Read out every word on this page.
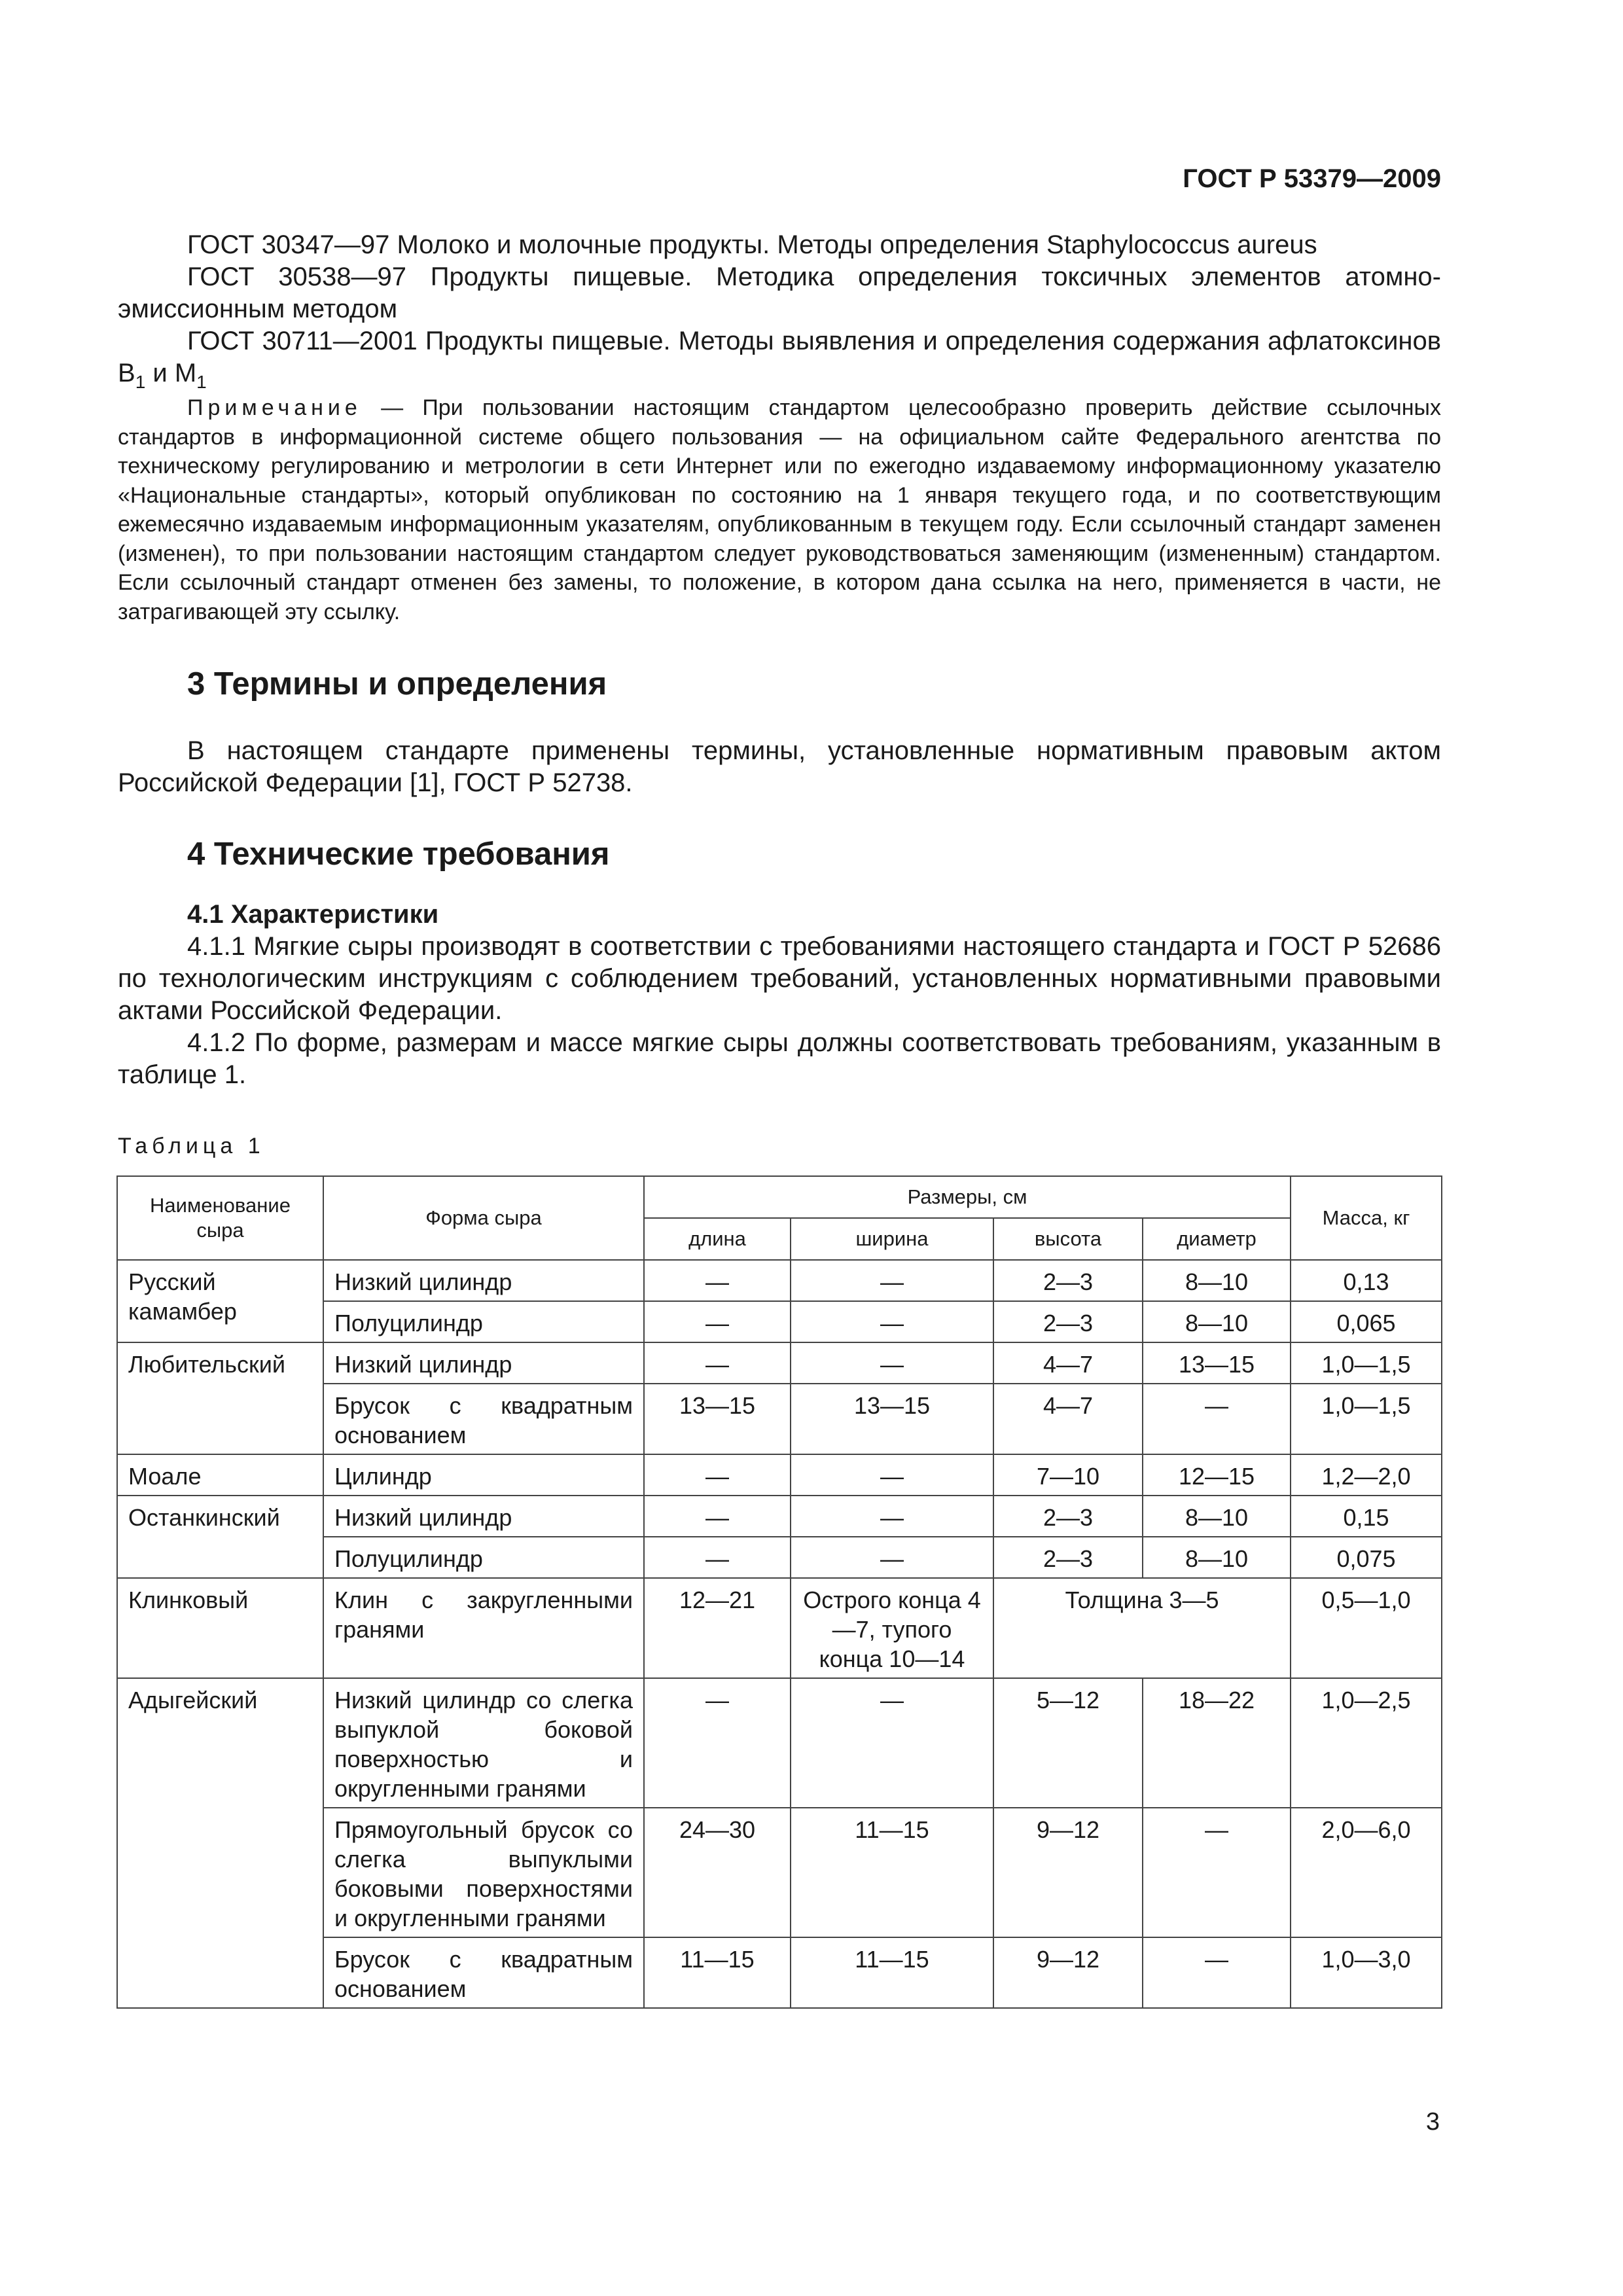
ГОСТ Р 53379—2009

ГОСТ 30347—97 Молоко и молочные продукты. Методы определения Staphylococcus aureus

ГОСТ 30538—97 Продукты пищевые. Методика определения токсичных элементов атомно-эмиссионным методом

ГОСТ 30711—2001 Продукты пищевые. Методы выявления и определения содержания афлатоксинов $B_1$ и $M_1$

Примечание — При пользовании настоящим стандартом целесообразно проверить действие ссылочных стандартов в информационной системе общего пользования — на официальном сайте Федерального агентства по техническому регулированию и метрологии в сети Интернет или по ежегодно издаваемому информационному указателю «Национальные стандарты», который опубликован по состоянию на 1 января текущего года, и по соответствующим ежемесячно издаваемым информационным указателям, опубликованным в текущем году. Если ссылочный стандарт заменен (изменен), то при пользовании настоящим стандартом следует руководствоваться заменяющим (измененным) стандартом. Если ссылочный стандарт отменен без замены, то положение, в котором дана ссылка на него, применяется в части, не затрагивающей эту ссылку.

3 Термины и определения

В настоящем стандарте применены термины, установленные нормативным правовым актом Российской Федерации [1], ГОСТ Р 52738.

4 Технические требования
4.1 Характеристики

4.1.1 Мягкие сыры производят в соответствии с требованиями настоящего стандарта и ГОСТ Р 52686 по технологическим инструкциям с соблюдением требований, установленных нормативными правовыми актами Российской Федерации.

4.1.2 По форме, размерам и массе мягкие сыры должны соответствовать требованиям, указанным в таблице 1.

Таблица 1

Наименование сыра	Форма сыра	Размеры, см				Масса, кг
		длина	ширина	высота	диаметр	
Русский камамбер	Низкий цилиндр	—	—	2—3	8—10	0,13
	Полуцилиндр	—	—	2—3	8—10	0,065
Любительский	Низкий цилиндр	—	—	4—7	13—15	1,0—1,5
	Брусок с квадратным основанием	13—15	13—15	4—7	—	1,0—1,5
Моале	Цилиндр	—	—	7—10	12—15	1,2—2,0
Останкинский	Низкий цилиндр	—	—	2—3	8—10	0,15
	Полуцилиндр	—	—	2—3	8—10	0,075
Клинковый	Клин с закругленными гранями	12—21	Острого конца 4—7, тупого конца 10—14	Толщина 3—5		0,5—1,0
Адыгейский	Низкий цилиндр со слегка выпуклой боковой поверхностью и округленными гранями	—	—	5—12	18—22	1,0—2,5
	Прямоугольный брусок со слегка выпуклыми боковыми поверхностями и округленными гранями	24—30	11—15	9—12	—	2,0—6,0
	Брусок с квадратным основанием	11—15	11—15	9—12	—	1,0—3,0
3
